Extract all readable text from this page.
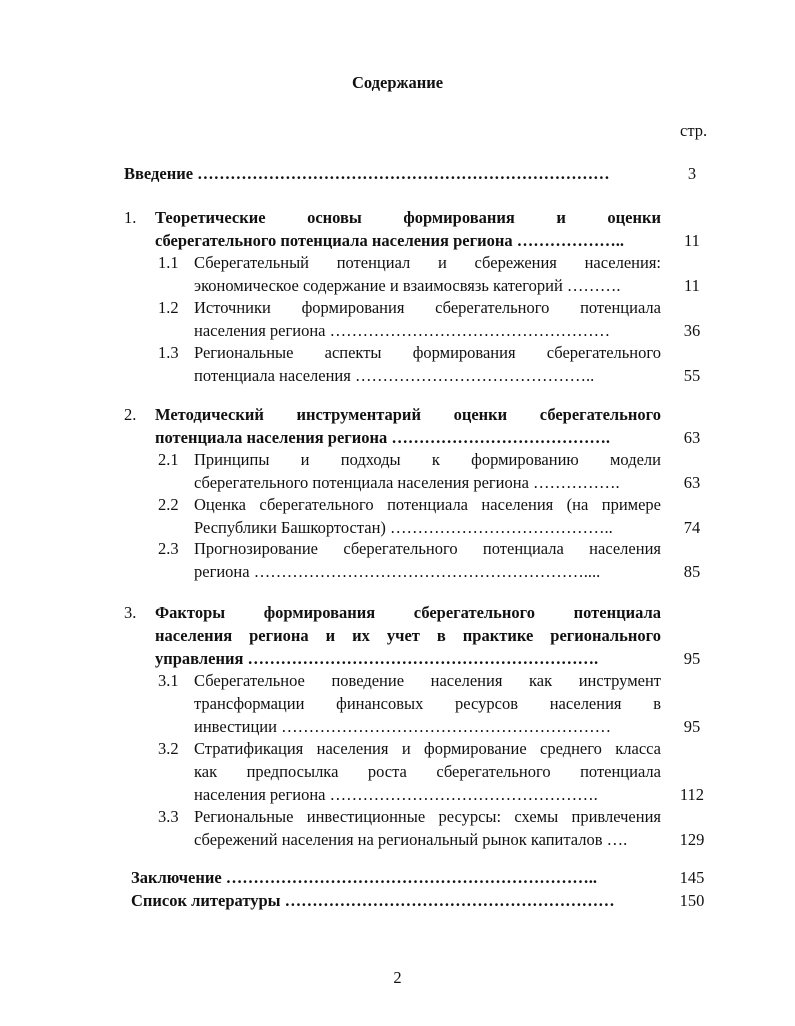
Содержание
стр.
Введение …………………………………………………………………	3
1. Теоретические основы формирования и оценки
сберегательного потенциала населения региона ………………..	11
1.1 Сберегательный потенциал и сбережения населения:
экономическое содержание и взаимосвязь категорий ……….	11
1.2 Источники формирования сберегательного потенциала
населения региона ……………………………………………	36
1.3 Региональные аспекты формирования сберегательного
потенциала населения ……………………………………..	55
2. Методический инструментарий оценки сберегательного
потенциала населения региона ………………………………….	63
2.1 Принципы и подходы к формированию модели
сберегательного потенциала населения региона …………….	63
2.2 Оценка сберегательного потенциала населения (на примере
Республики Башкортостан) …………………………………..	74
2.3 Прогнозирование сберегательного потенциала населения
региона ……………………………………………………....	85
3. Факторы формирования сберегательного потенциала
населения региона и их учет в практике регионального
управления ……………………………………………………….	95
3.1 Сберегательное поведение населения как инструмент
трансформации финансовых ресурсов населения в
инвестиции ……………………………………………………	95
3.2 Стратификация населения и формирование среднего класса
как предпосылка роста сберегательного потенциала
населения региона ………………………………………….	112
3.3 Региональные инвестиционные ресурсы: схемы привлечения
сбережений населения на региональный рынок капиталов ….	129
Заключение …………………………………………………………..	145
Список литературы ……………………………………………………	150
2
